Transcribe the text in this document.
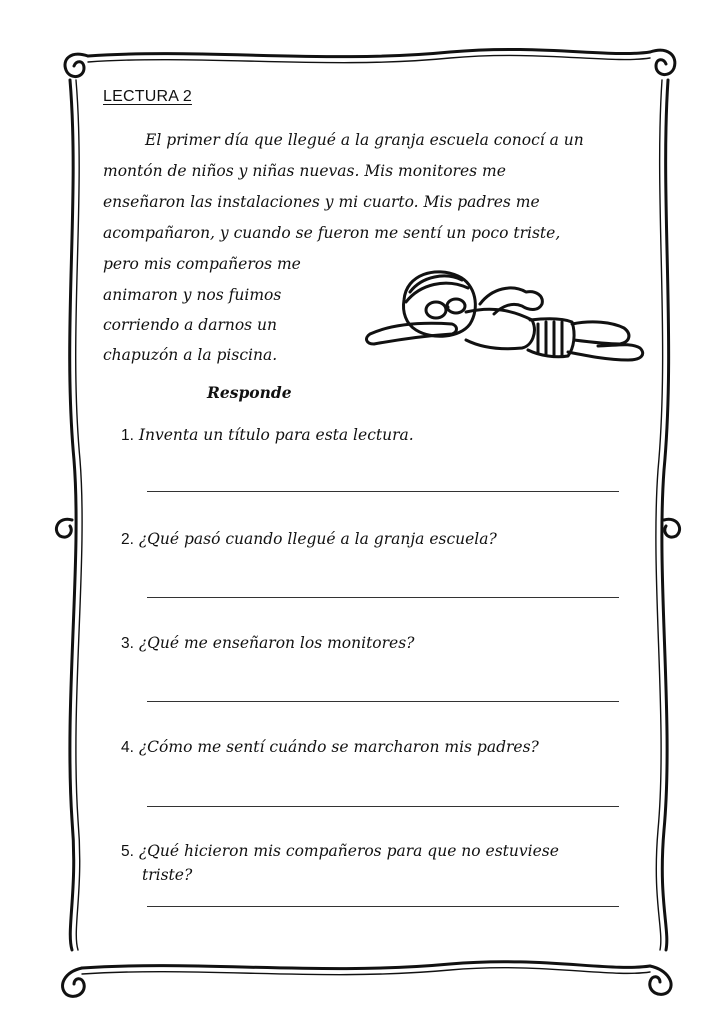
LECTURA 2
El primer día que llegué a la granja escuela conocí a un
montón de niños y niñas nuevas. Mis monitores me
enseñaron las instalaciones y mi cuarto. Mis padres me
acompañaron, y cuando se fueron me sentí un poco triste,
pero mis compañeros me
animaron y nos fuimos
corriendo a darnos un
chapuzón a la piscina.
Responde
1. Inventa un título para esta lectura.
2. ¿Qué pasó cuando llegué a la granja escuela?
3. ¿Qué me enseñaron los monitores?
4. ¿Cómo me sentí cuándo se marcharon mis padres?
5. ¿Qué hicieron mis compañeros para que no estuviese
triste?
